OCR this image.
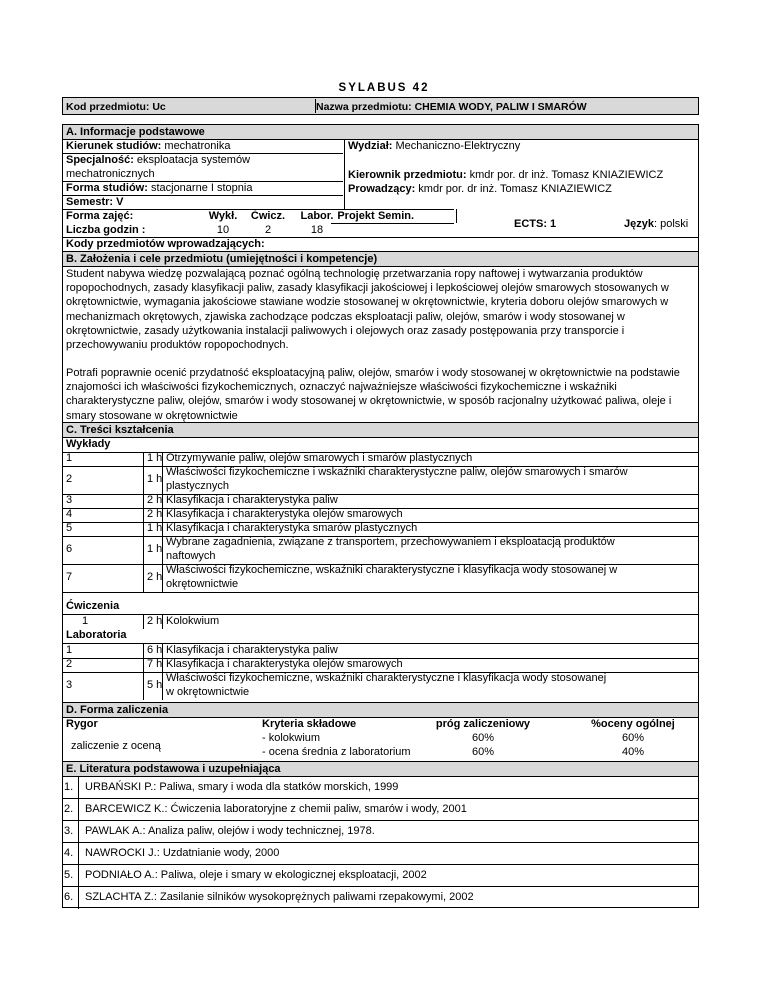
SYLABUS 42
Kod przedmiotu: Uc	Nazwa przedmiotu: CHEMIA WODY, PALIW I SMARÓW
A. Informacje podstawowe
Kierunek studiów: mechatronika
Specjalność: eksploatacja systemów
mechatronicznych
Forma studiów: stacjonarne I stopnia
Semestr: V
Wydział: Mechaniczno-Elektryczny
Kierownik przedmiotu: kmdr por. dr inż. Tomasz KNIAZIEWICZ
Prowadzący: kmdr por. dr inż. Tomasz KNIAZIEWICZ
Forma zajęć:
Liczba godzin :
Wykł.	Ćwicz.	Labor. Projekt Semin.
10	2	18	ECTS: 1	Język: polski
Kody przedmiotów wprowadzających:
B. Założenia i cele przedmiotu (umiejętności i kompetencje)
Student nabywa wiedzę pozwalającą poznać ogólną technologię przetwarzania ropy naftowej i wytwarzania produktów ropopochodnych, zasady klasyfikacji paliw, zasady klasyfikacji jakościowej i lepkościowej olejów smarowych stosowanych w okrętownictwie, wymagania jakościowe stawiane wodzie stosowanej w okrętownictwie, kryteria doboru olejów smarowych w mechanizmach okrętowych, zjawiska zachodzące podczas eksploatacji paliw, olejów, smarów i wody stosowanej w okrętownictwie, zasady użytkowania instalacji paliwowych i olejowych oraz zasady postępowania przy transporcie i przechowywaniu produktów ropopochodnych.
Potrafi poprawnie ocenić przydatność eksploatacyjną paliw, olejów, smarów i wody stosowanej w okrętownictwie na podstawie znajomości ich właściwości fizykochemicznych, oznaczyć najważniejsze właściwości fizykochemiczne i wskaźniki charakterystyczne paliw, olejów, smarów i wody stosowanej w okrętownictwie, w sposób racjonalny użytkować paliwa, oleje i smary stosowane w okrętownictwie
C. Treści kształcenia
Wykłady
Ćwiczenia
Laboratoria
D. Forma zaliczenia
Rygor	Kryteria składowe	próg zaliczeniowy	%oceny ogólnej
zaliczenie z oceną
E. Literatura podstawowa i uzupełniająca
1	1 h Otrzymywanie paliw, olejów smarowych i smarów plastycznych
2	1 h
Właściwości fizykochemiczne i wskaźniki charakterystyczne paliw, olejów smarowych i smarów
plastycznych
3	2 h Klasyfikacja i charakterystyka paliw
4	2 h Klasyfikacja i charakterystyka olejów smarowych
5	1 h Klasyfikacja i charakterystyka smarów plastycznych
6	1 h
Wybrane zagadnienia, związane z transportem, przechowywaniem i eksploatacją produktów
naftowych
7	2 h
Właściwości fizykochemiczne, wskaźniki charakterystyczne i klasyfikacja wody stosowanej w
okrętownictwie
1	2 h Kolokwium
1	6 h Klasyfikacja i charakterystyka paliw
2	7 h Klasyfikacja i charakterystyka olejów smarowych
3	5 h
Właściwości fizykochemiczne, wskaźniki charakterystyczne i klasyfikacja wody stosowanej
w okrętownictwie
- kolokwium	60%	60%
- ocena średnia z laboratorium	60%	40%
1. URBAŃSKI P.: Paliwa, smary i woda dla statków morskich, 1999
2. BARCEWICZ K.: Ćwiczenia laboratoryjne z chemii paliw, smarów i wody, 2001
3. PAWLAK A.: Analiza paliw, olejów i wody technicznej, 1978.
4. NAWROCKI J.: Uzdatnianie wody, 2000
5. PODNIAŁO A.: Paliwa, oleje i smary w ekologicznej eksploatacji, 2002
6. SZLACHTA Z.: Zasilanie silników wysokoprężnych paliwami rzepakowymi, 2002
